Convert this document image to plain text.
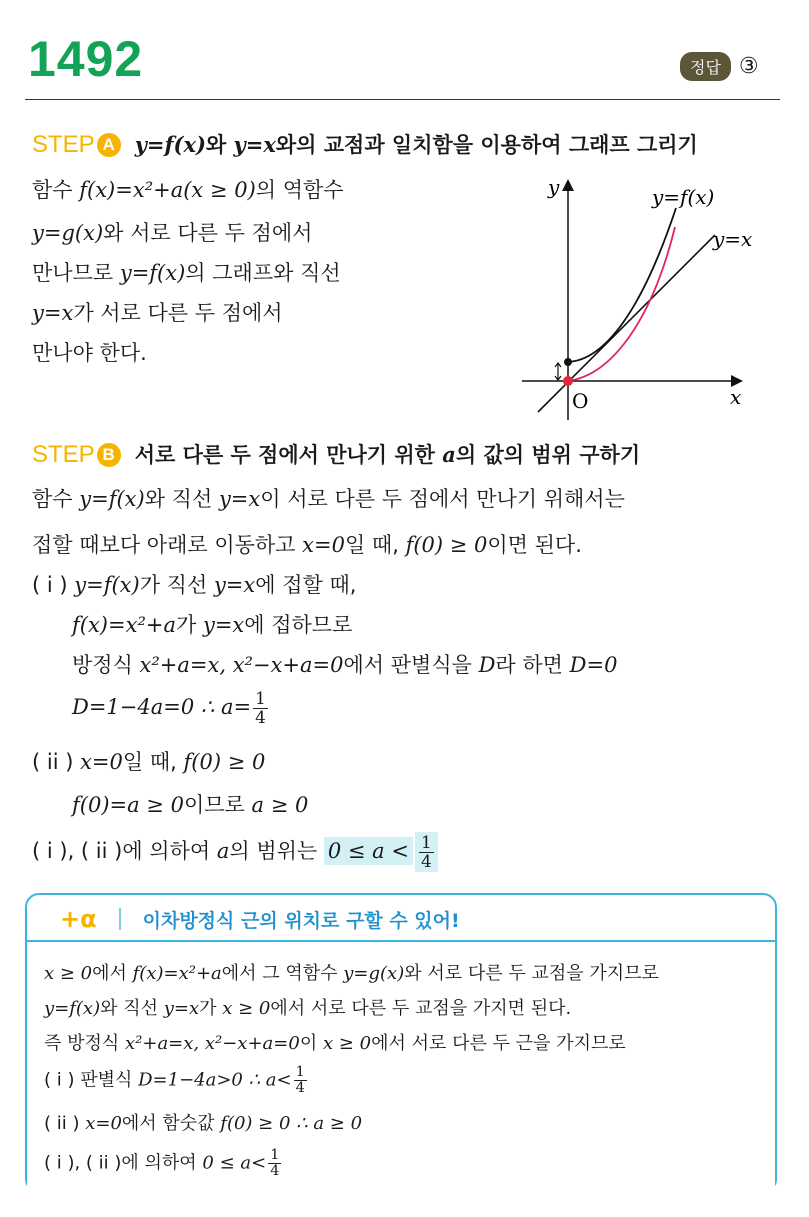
1492	정답 ③
STEP A y=f(x)와 y=x와의 교점과 일치함을 이용하여 그래프 그리기
함수 f(x)=x²+a(x ≥ 0)의 역함수
y=g(x)와 서로 다른 두 점에서
만나므로 y=f(x)의 그래프와 직선
y=x가 서로 다른 두 점에서
만나야 한다.
y
x
O
y=f(x)
y=x
STEP B 서로 다른 두 점에서 만나기 위한 a의 값의 범위 구하기
함수 y=f(x)와 직선 y=x이 서로 다른 두 점에서 만나기 위해서는
접할 때보다 아래로 이동하고 x=0일 때, f(0) ≥ 0이면 된다.
( i ) y=f(x)가 직선 y=x에 접할 때,
f(x)=x²+a가 y=x에 접하므로
방정식 x²+a=x, x²−x+a=0에서 판별식을 D라 하면 D=0
D=1−4a=0 ∴ $a= \frac{1}{4}$
( ii ) x=0일 때, f(0) ≥ 0
f(0)=a ≥ 0이므로 a ≥ 0
( i ), ( ii )에 의하여 a의 범위는 $0 \le a < \frac{1}{4}$
+α 이차방정식 근의 위치로 구할 수 있어!
x ≥ 0에서 f(x)=x²+a에서 그 역함수 y=g(x)와 서로 다른 두 교점을 가지므로
y=f(x)와 직선 y=x가 x ≥ 0에서 서로 다른 두 교점을 가지면 된다.
즉 방정식 x²+a=x, x²−x+a=0이 x ≥ 0에서 서로 다른 두 근을 가지므로
( i ) 판별식 D=1−4a>0 ∴ $a< \frac{1}{4}$
( ii ) x=0에서 함숫값 f(0) ≥ 0 ∴ a ≥ 0
( i ), ( ii )에 의하여 $0 \le a< \frac{1}{4}$
